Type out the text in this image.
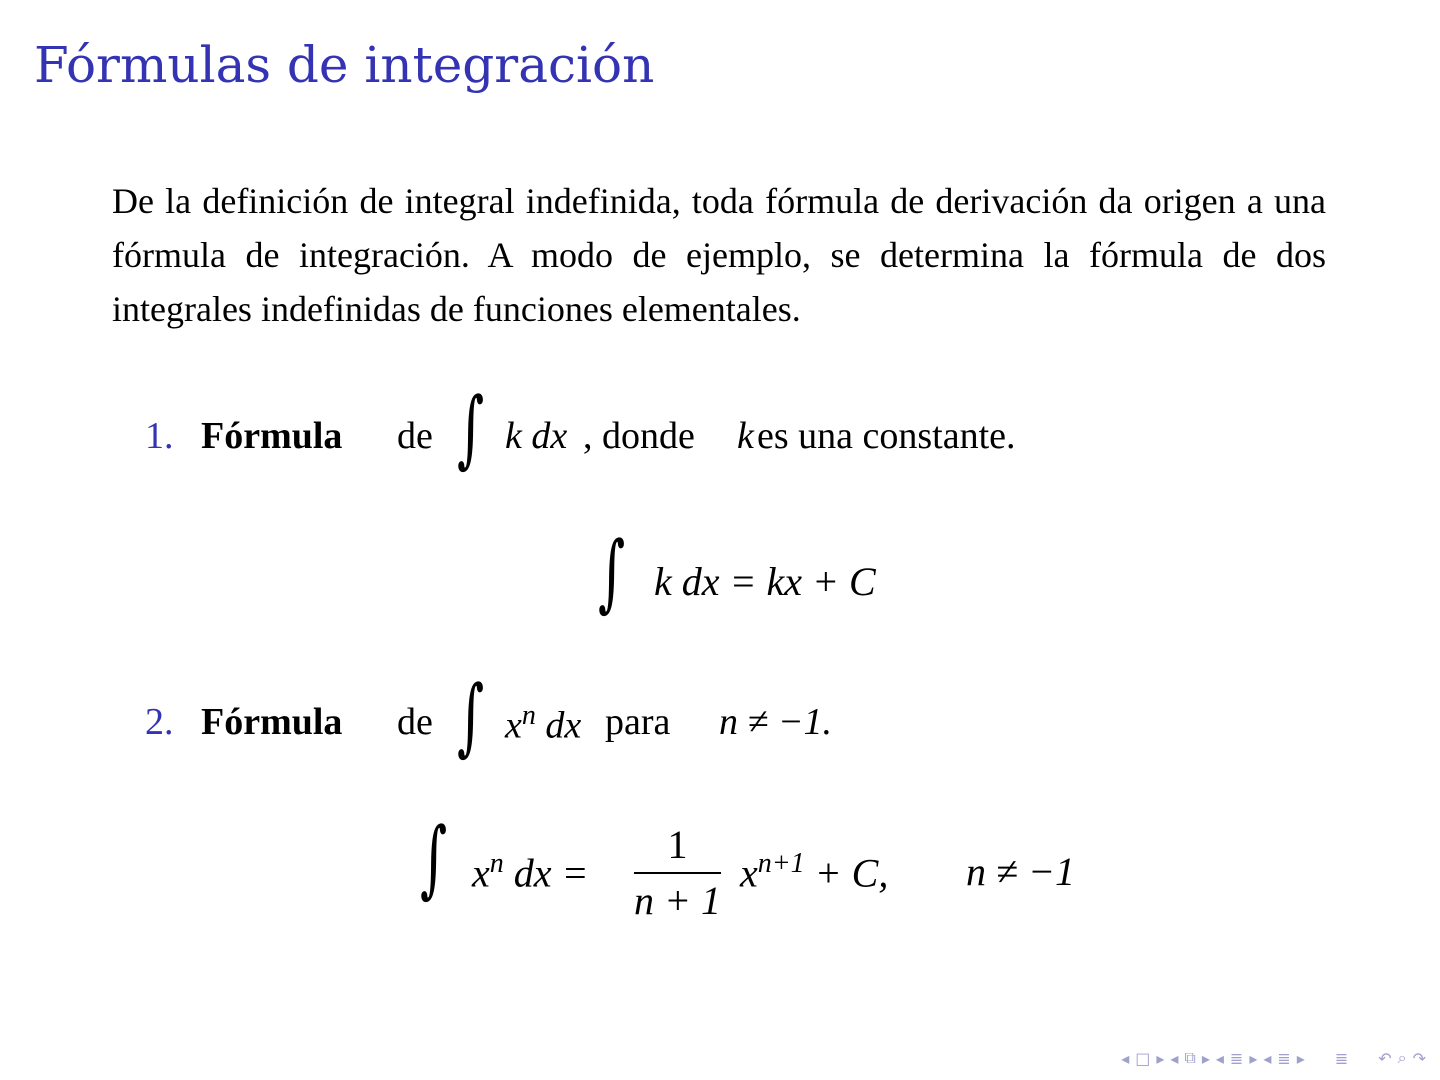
Fórmulas de integración
De la definición de integral indefinida, toda fórmula de derivación da origen a una fórmula de integración. A modo de ejemplo, se determina la fórmula de dos integrales indefinidas de funciones elementales.
1. Fórmula de ∫ k dx , donde k es una constante.
∫ k dx = kx + C
2. Fórmula de ∫ $x^n$ dx para n ≠ −1.
∫ $x^n$ dx = $\frac{1}{n + 1} x^{n+1} + C$, n ≠ −1
◂ □ ▸ ◂ ⧉ ▸ ◂ ≣ ▸ ◂ ≣ ▸ ≣ ↶ ⌕ ↷
